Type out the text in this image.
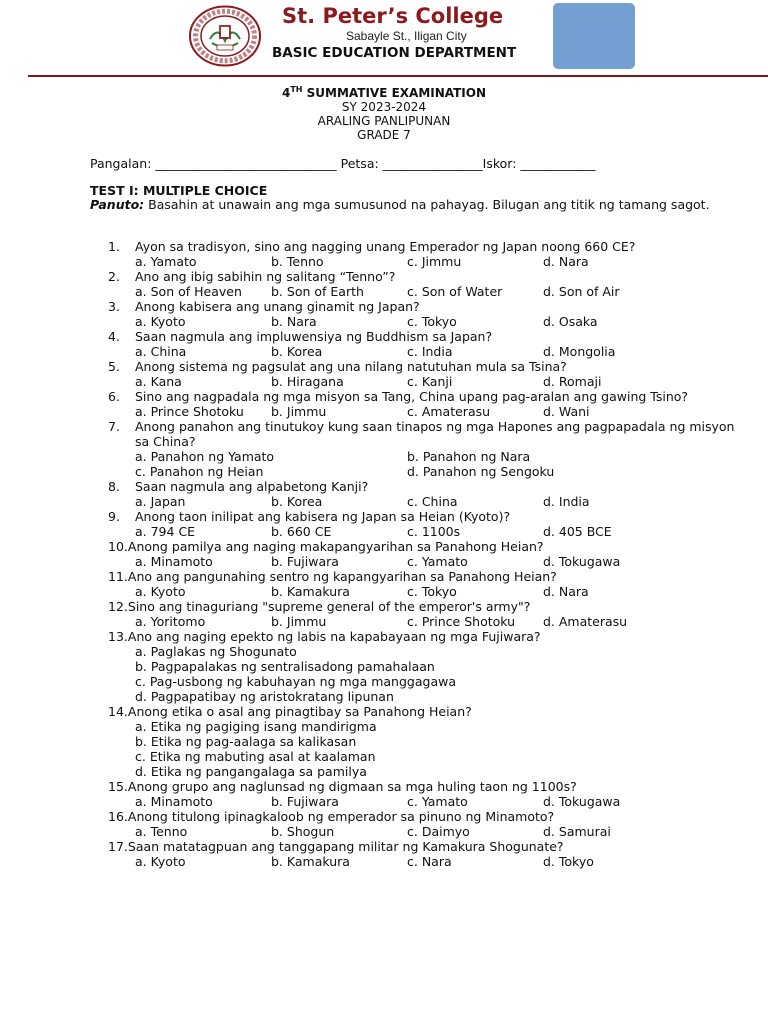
St. Peter’s College
Sabayle St., Iligan City
BASIC EDUCATION DEPARTMENT
4TH SUMMATIVE EXAMINATION
SY 2023-2024
ARALING PANLIPUNAN
GRADE 7
Pangalan: _____________________________ Petsa: ________________Iskor: ____________
TEST I: MULTIPLE CHOICE
Panuto: Basahin at unawain ang mga sumusunod na pahayag. Bilugan ang titik ng tamang sagot.
1.	Ayon sa tradisyon, sino ang nagging unang Emperador ng Japan noong 660 CE?
a. Yamato	b. Tenno	c. Jimmu	d. Nara
2.	Ano ang ibig sabihin ng salitang “Tenno”?
a. Son of Heaven	b. Son of Earth	c. Son of Water	d. Son of Air
3.	Anong kabisera ang unang ginamit ng Japan?
a. Kyoto	b. Nara	c. Tokyo	d. Osaka
4.	Saan nagmula ang impluwensiya ng Buddhism sa Japan?
a. China	b. Korea	c. India	d. Mongolia
5.	Anong sistema ng pagsulat ang una nilang natutuhan mula sa Tsina?
a. Kana	b. Hiragana	c. Kanji	d. Romaji
6.	Sino ang nagpadala ng mga misyon sa Tang, China upang pag-aralan ang gawing Tsino?
a. Prince Shotoku	b. Jimmu	c. Amaterasu	d. Wani
7.	Anong panahon ang tinutukoy kung saan tinapos ng mga Hapones ang pagpapadala ng misyon sa China?
a. Panahon ng Yamato	b. Panahon ng Nara
c. Panahon ng Heian	d. Panahon ng Sengoku
8.	Saan nagmula ang alpabetong Kanji?
a. Japan	b. Korea	c. China	d. India
9.	Anong taon inilipat ang kabisera ng Japan sa Heian (Kyoto)?
a. 794 CE	b. 660 CE	c. 1100s	d. 405 BCE
10. Anong pamilya ang naging makapangyarihan sa Panahong Heian?
a. Minamoto	b. Fujiwara	c. Yamato	d. Tokugawa
11. Ano ang pangunahing sentro ng kapangyarihan sa Panahong Heian?
a. Kyoto	b. Kamakura	c. Tokyo	d. Nara
12. Sino ang tinaguriang "supreme general of the emperor's army"?
a. Yoritomo	b. Jimmu	c. Prince Shotoku	d. Amaterasu
13. Ano ang naging epekto ng labis na kapabayaan ng mga Fujiwara?
a. Paglakas ng Shogunato
b. Pagpapalakas ng sentralisadong pamahalaan
c. Pag-usbong ng kabuhayan ng mga manggagawa
d. Pagpapatibay ng aristokratang lipunan
14. Anong etika o asal ang pinagtibay sa Panahong Heian?
a. Etika ng pagiging isang mandirigma
b. Etika ng pag-aalaga sa kalikasan
c. Etika ng mabuting asal at kaalaman
d. Etika ng pangangalaga sa pamilya
15. Anong grupo ang naglunsad ng digmaan sa mga huling taon ng 1100s?
a. Minamoto	b. Fujiwara	c. Yamato	d. Tokugawa
16. Anong titulong ipinagkaloob ng emperador sa pinuno ng Minamoto?
a. Tenno	b. Shogun	c. Daimyo	d. Samurai
17. Saan matatagpuan ang tanggapang militar ng Kamakura Shogunate?
a. Kyoto	b. Kamakura	c. Nara	d. Tokyo
